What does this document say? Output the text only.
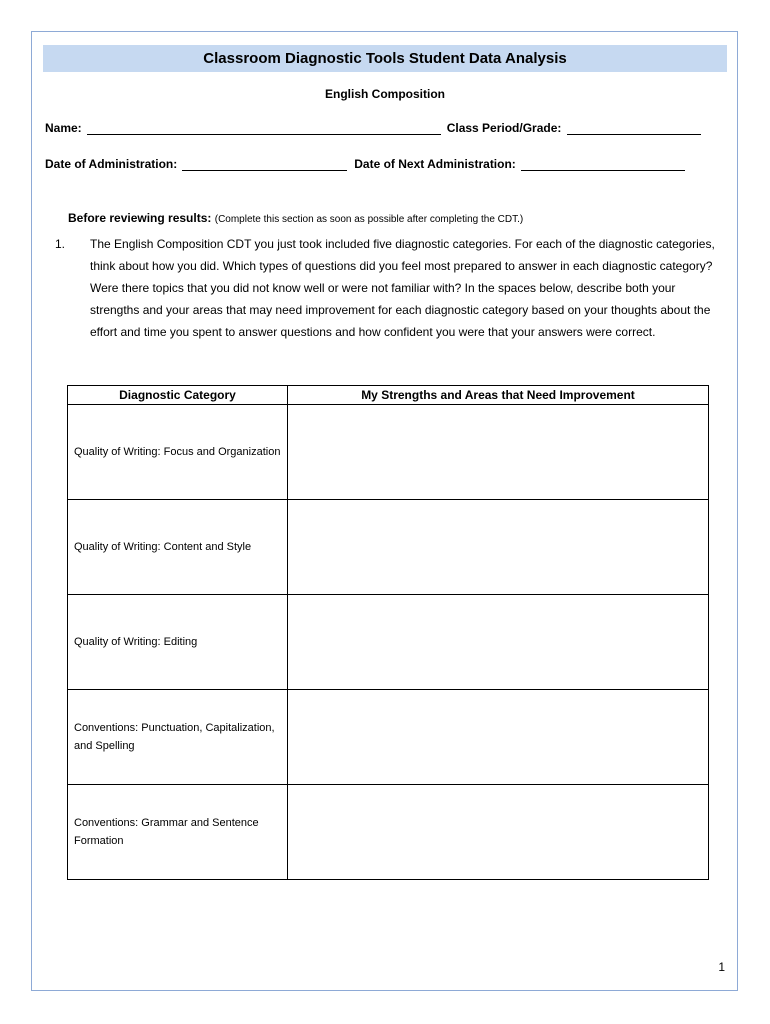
Classroom Diagnostic Tools Student Data Analysis
English Composition
Name:	Class Period/Grade:
Date of Administration:	Date of Next Administration:
Before reviewing results: (Complete this section as soon as possible after completing the CDT.)
1.	The English Composition CDT you just took included five diagnostic categories. For each of the diagnostic categories, think about how you did. Which types of questions did you feel most prepared to answer in each diagnostic category? Were there topics that you did not know well or were not familiar with? In the spaces below, describe both your strengths and your areas that may need improvement for each diagnostic category based on your thoughts about the effort and time you spent to answer questions and how confident you were that your answers were correct.
Diagnostic Category	My Strengths and Areas that Need Improvement
Quality of Writing: Focus and Organization	
Quality of Writing: Content and Style	
Quality of Writing: Editing	
Conventions: Punctuation, Capitalization, and Spelling	
Conventions: Grammar and Sentence Formation	
1
